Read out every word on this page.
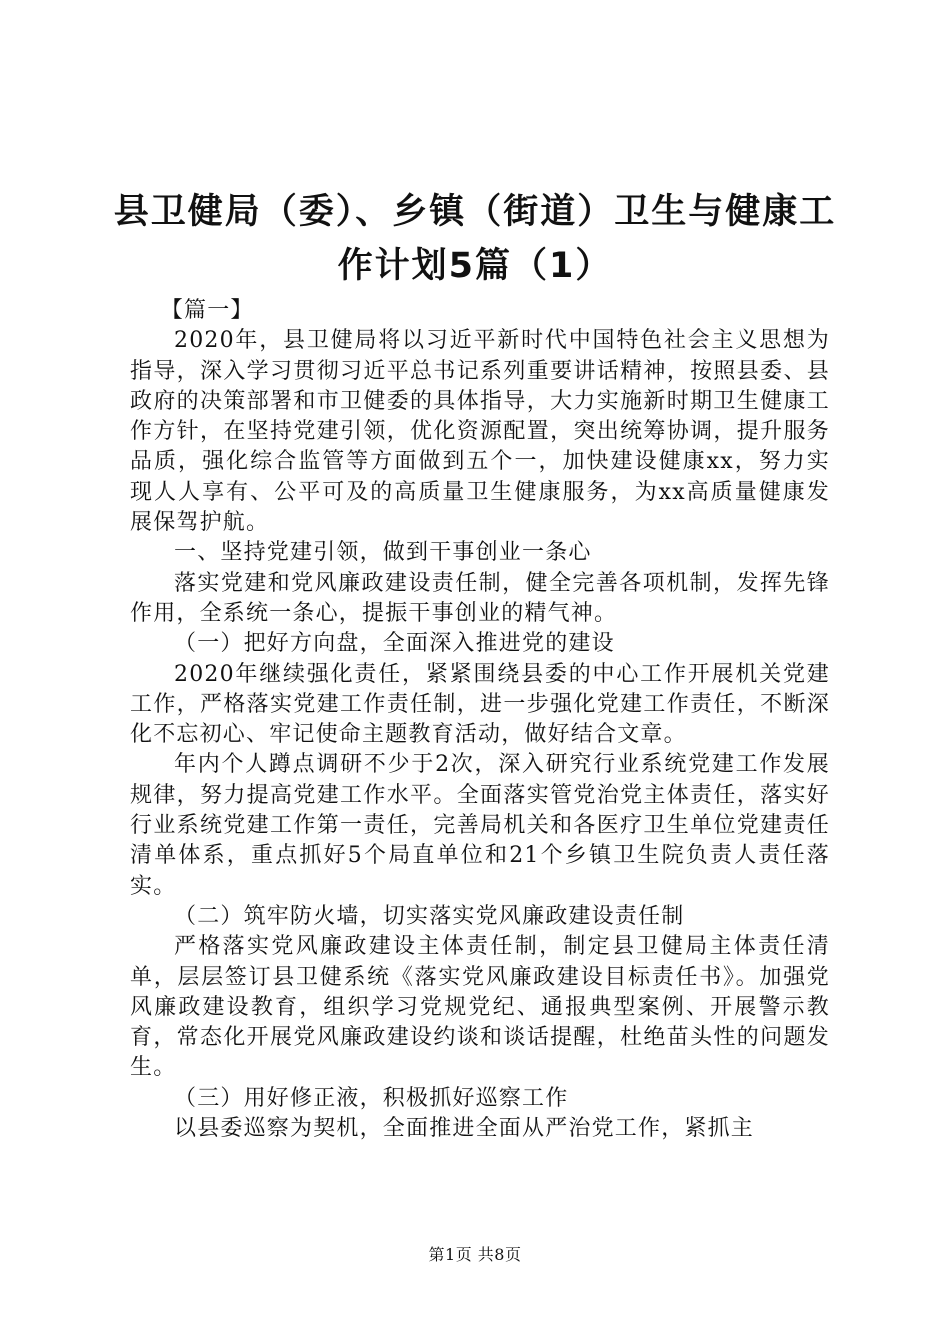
县卫健局（委）、乡镇（街道）卫生与健康工
作计划5篇（1）

【篇一】

2020年，县卫健局将以习近平新时代中国特色社会主义思想为指导，深入学习贯彻习近平总书记系列重要讲话精神，按照县委、县政府的决策部署和市卫健委的具体指导，大力实施新时期卫生健康工作方针，在坚持党建引领，优化资源配置，突出统筹协调，提升服务品质，强化综合监管等方面做到五个一，加快建设健康xx，努力实现人人享有、公平可及的高质量卫生健康服务，为xx高质量健康发展保驾护航。

一、坚持党建引领，做到干事创业一条心

落实党建和党风廉政建设责任制，健全完善各项机制，发挥先锋作用，全系统一条心，提振干事创业的精气神。

（一）把好方向盘，全面深入推进党的建设

2020年继续强化责任，紧紧围绕县委的中心工作开展机关党建工作，严格落实党建工作责任制，进一步强化党建工作责任，不断深化不忘初心、牢记使命主题教育活动，做好结合文章。

年内个人蹲点调研不少于2次，深入研究行业系统党建工作发展规律，努力提高党建工作水平。全面落实管党治党主体责任，落实好行业系统党建工作第一责任，完善局机关和各医疗卫生单位党建责任清单体系，重点抓好5个局直单位和21个乡镇卫生院负责人责任落实。

（二）筑牢防火墙，切实落实党风廉政建设责任制

严格落实党风廉政建设主体责任制，制定县卫健局主体责任清单，层层签订县卫健系统《落实党风廉政建设目标责任书》。加强党风廉政建设教育，组织学习党规党纪、通报典型案例、开展警示教育，常态化开展党风廉政建设约谈和谈话提醒，杜绝苗头性的问题发生。

（三）用好修正液，积极抓好巡察工作

以县委巡察为契机，全面推进全面从严治党工作，紧抓主

第1页 共8页
